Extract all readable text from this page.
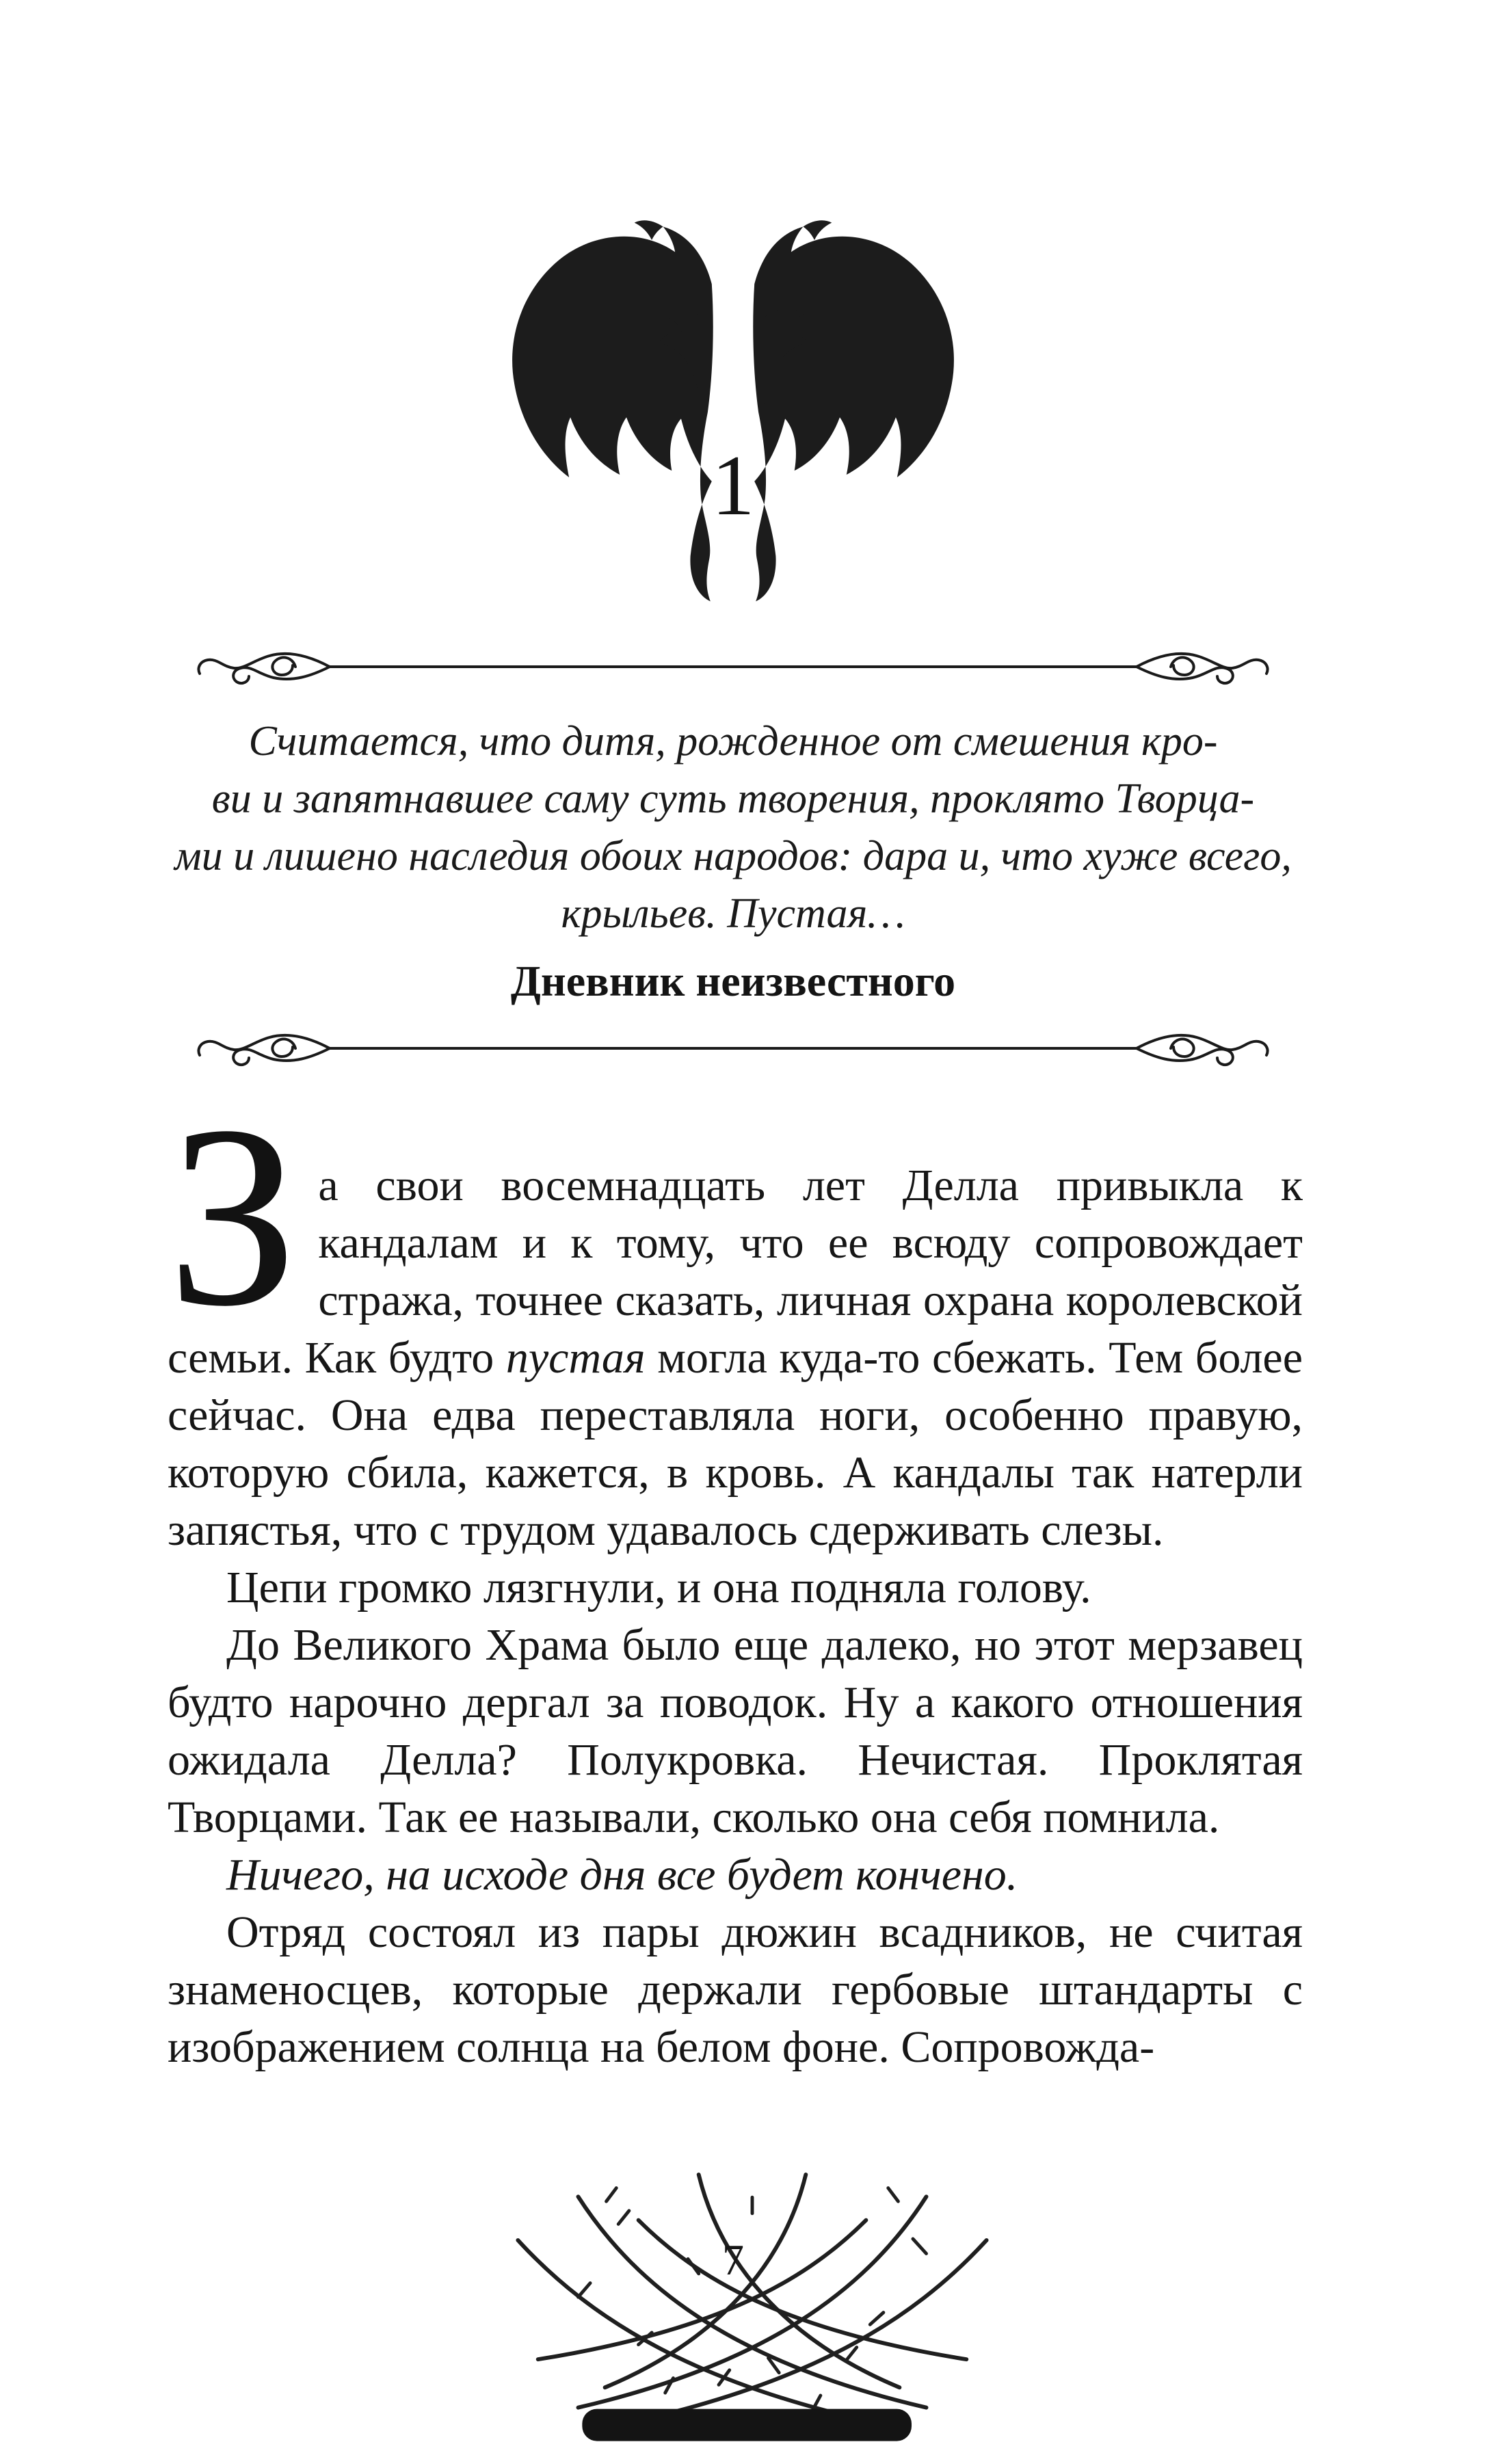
1
Считается, что дитя, рожденное от смешения кро-
ви и запятнавшее саму суть творения, проклято Творца-
ми и лишено наследия обоих народов: дара и, что хуже всего,
крыльев. Пустая…
Дневник неизвестного

За свои восемнадцать лет Делла привыкла к кандалам и к тому, что ее всюду сопровождает стража, точнее сказать, личная охрана королевской семьи. Как будто пустая могла куда-то сбежать. Тем более сейчас. Она едва переставляла ноги, особенно правую, которую сбила, кажется, в кровь. А кандалы так натерли запястья, что с трудом удавалось сдерживать слезы.

Цепи громко лязгнули, и она подняла голову.

До Великого Храма было еще далеко, но этот мерзавец будто нарочно дергал за поводок. Ну а какого отношения ожидала Делла? Полукровка. Нечистая. Проклятая Творцами. Так ее называли, сколько она себя помнила.

Ничего, на исходе дня все будет кончено.

Отряд состоял из пары дюжин всадников, не считая знаменосцев, которые держали гербовые штандарты с изображением солнца на белом фоне. Сопровожда-

7
